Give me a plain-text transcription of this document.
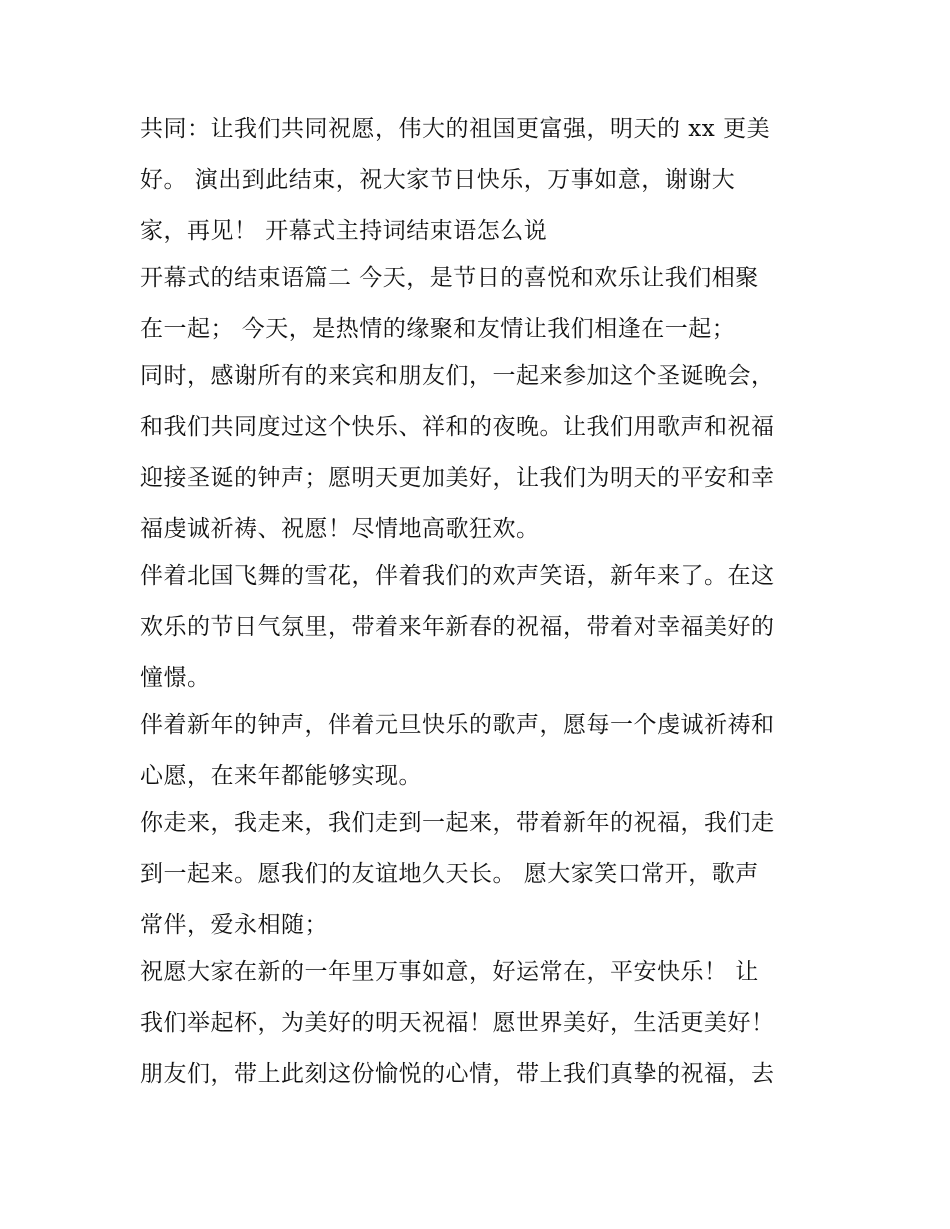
共同：让我们共同祝愿，伟大的祖国更富强，明天的 xx 更美
好。 演出到此结束，祝大家节日快乐，万事如意，谢谢大
家，再见！ 开幕式主持词结束语怎么说
开幕式的结束语篇二 今天，是节日的喜悦和欢乐让我们相聚
在一起； 今天，是热情的缘聚和友情让我们相逢在一起；
同时，感谢所有的来宾和朋友们，一起来参加这个圣诞晚会，
和我们共同度过这个快乐、祥和的夜晚。让我们用歌声和祝福
迎接圣诞的钟声；愿明天更加美好，让我们为明天的平安和幸
福虔诚祈祷、祝愿！尽情地高歌狂欢。
伴着北国飞舞的雪花，伴着我们的欢声笑语，新年来了。在这
欢乐的节日气氛里，带着来年新春的祝福，带着对幸福美好的
憧憬。
伴着新年的钟声，伴着元旦快乐的歌声，愿每一个虔诚祈祷和
心愿，在来年都能够实现。
你走来，我走来，我们走到一起来，带着新年的祝福，我们走
到一起来。愿我们的友谊地久天长。 愿大家笑口常开，歌声
常伴，爱永相随；
祝愿大家在新的一年里万事如意，好运常在，平安快乐！ 让
我们举起杯，为美好的明天祝福！愿世界美好，生活更美好！
朋友们，带上此刻这份愉悦的心情，带上我们真挚的祝福，去
